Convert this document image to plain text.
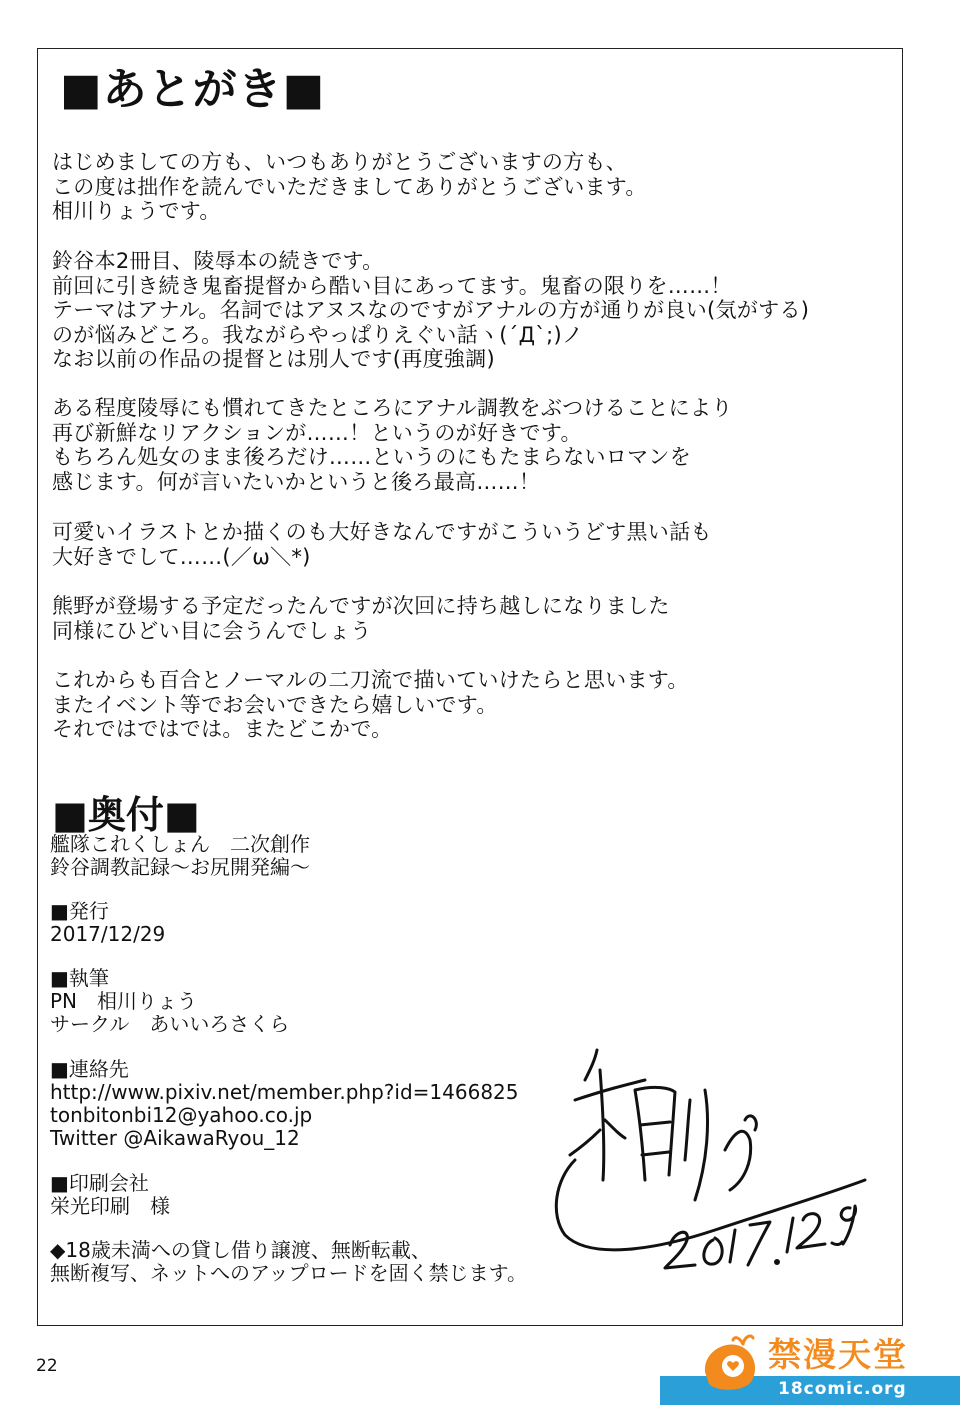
■あとがき■
はじめましての方も、いつもありがとうございますの方も、
この度は拙作を読んでいただきましてありがとうございます。
相川りょうです。
鈴谷本2冊目、陵辱本の続きです。
前回に引き続き鬼畜提督から酷い目にあってます。鬼畜の限りを……！
テーマはアナル。名詞ではアヌスなのですがアナルの方が通りが良い(気がする)
のが悩みどころ。我ながらやっぱりえぐい話ヽ(´Д`;)ノ
なお以前の作品の提督とは別人です(再度強調)
ある程度陵辱にも慣れてきたところにアナル調教をぶつけることにより
再び新鮮なリアクションが……！というのが好きです。
もちろん処女のまま後ろだけ……というのにもたまらないロマンを
感じます。何が言いたいかというと後ろ最高……！
可愛いイラストとか描くのも大好きなんですがこういうどす黒い話も
大好きでして……(／ω＼*)
熊野が登場する予定だったんですが次回に持ち越しになりました
同様にひどい目に会うんでしょう
これからも百合とノーマルの二刀流で描いていけたらと思います。
またイベント等でお会いできたら嬉しいです。
それではではでは。またどこかで。
■奥付■
艦隊これくしょん　二次創作
鈴谷調教記録～お尻開発編～
■発行
2017/12/29
■執筆
PN　相川りょう
サークル　あいいろさくら
■連絡先
http://www.pixiv.net/member.php?id=1466825
tonbitonbi12@yahoo.co.jp
Twitter @AikawaRyou_12
■印刷会社
栄光印刷　様
◆18歳未満への貸し借り譲渡、無断転載、
無断複写、ネットへのアップロードを固く禁じます。
22	禁漫天堂
18comic.org
